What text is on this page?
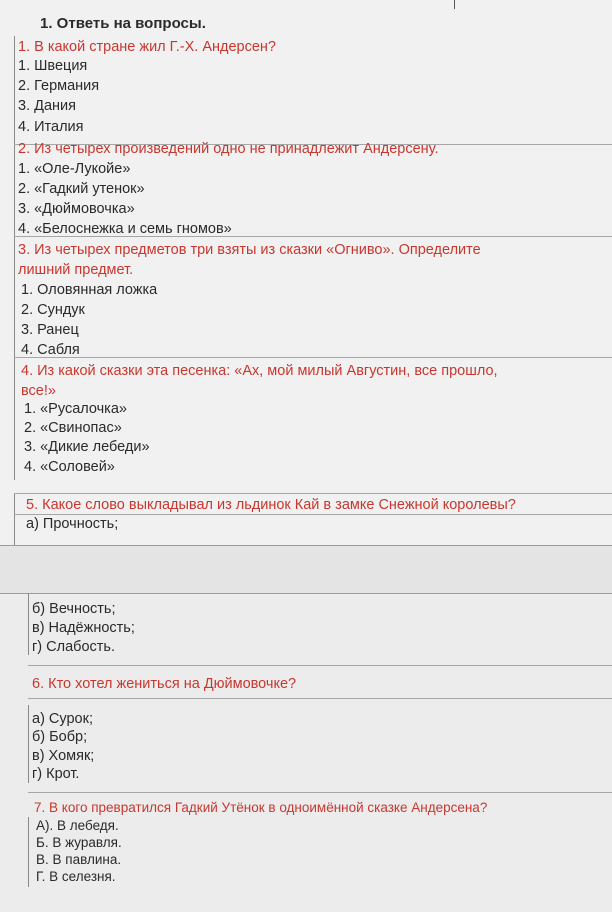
1. Ответь на вопросы.
1. В какой стране жил Г.-Х. Андерсен?
1. Швеция
2. Германия
3. Дания
4. Италия
2. Из четырех произведений одно не принадлежит Андерсену.
1. «Оле-Лукойе»
2. «Гадкий утенок»
3. «Дюймовочка»
4. «Белоснежка и семь гномов»
3. Из четырех предметов три взяты из сказки «Огниво». Определите
лишний предмет.
1. Оловянная ложка
2. Сундук
3. Ранец
4. Сабля
4. Из какой сказки эта песенка: «Ах, мой милый Августин, все прошло,
все!»
1. «Русалочка»
2. «Свинопас»
3. «Дикие лебеди»
4. «Соловей»
5. Какое слово выкладывал из льдинок Кай в замке Снежной королевы?
а) Прочность;
б) Вечность;
в) Надёжность;
г) Слабость.
6. Кто хотел жениться на Дюймовочке?
а) Сурок;
б) Бобр;
в) Хомяк;
г) Крот.
7. В кого превратился Гадкий Утёнок в одноимённой сказке Андерсена?
А). В лебедя.
Б. В журавля.
В. В павлина.
Г. В селезня.
